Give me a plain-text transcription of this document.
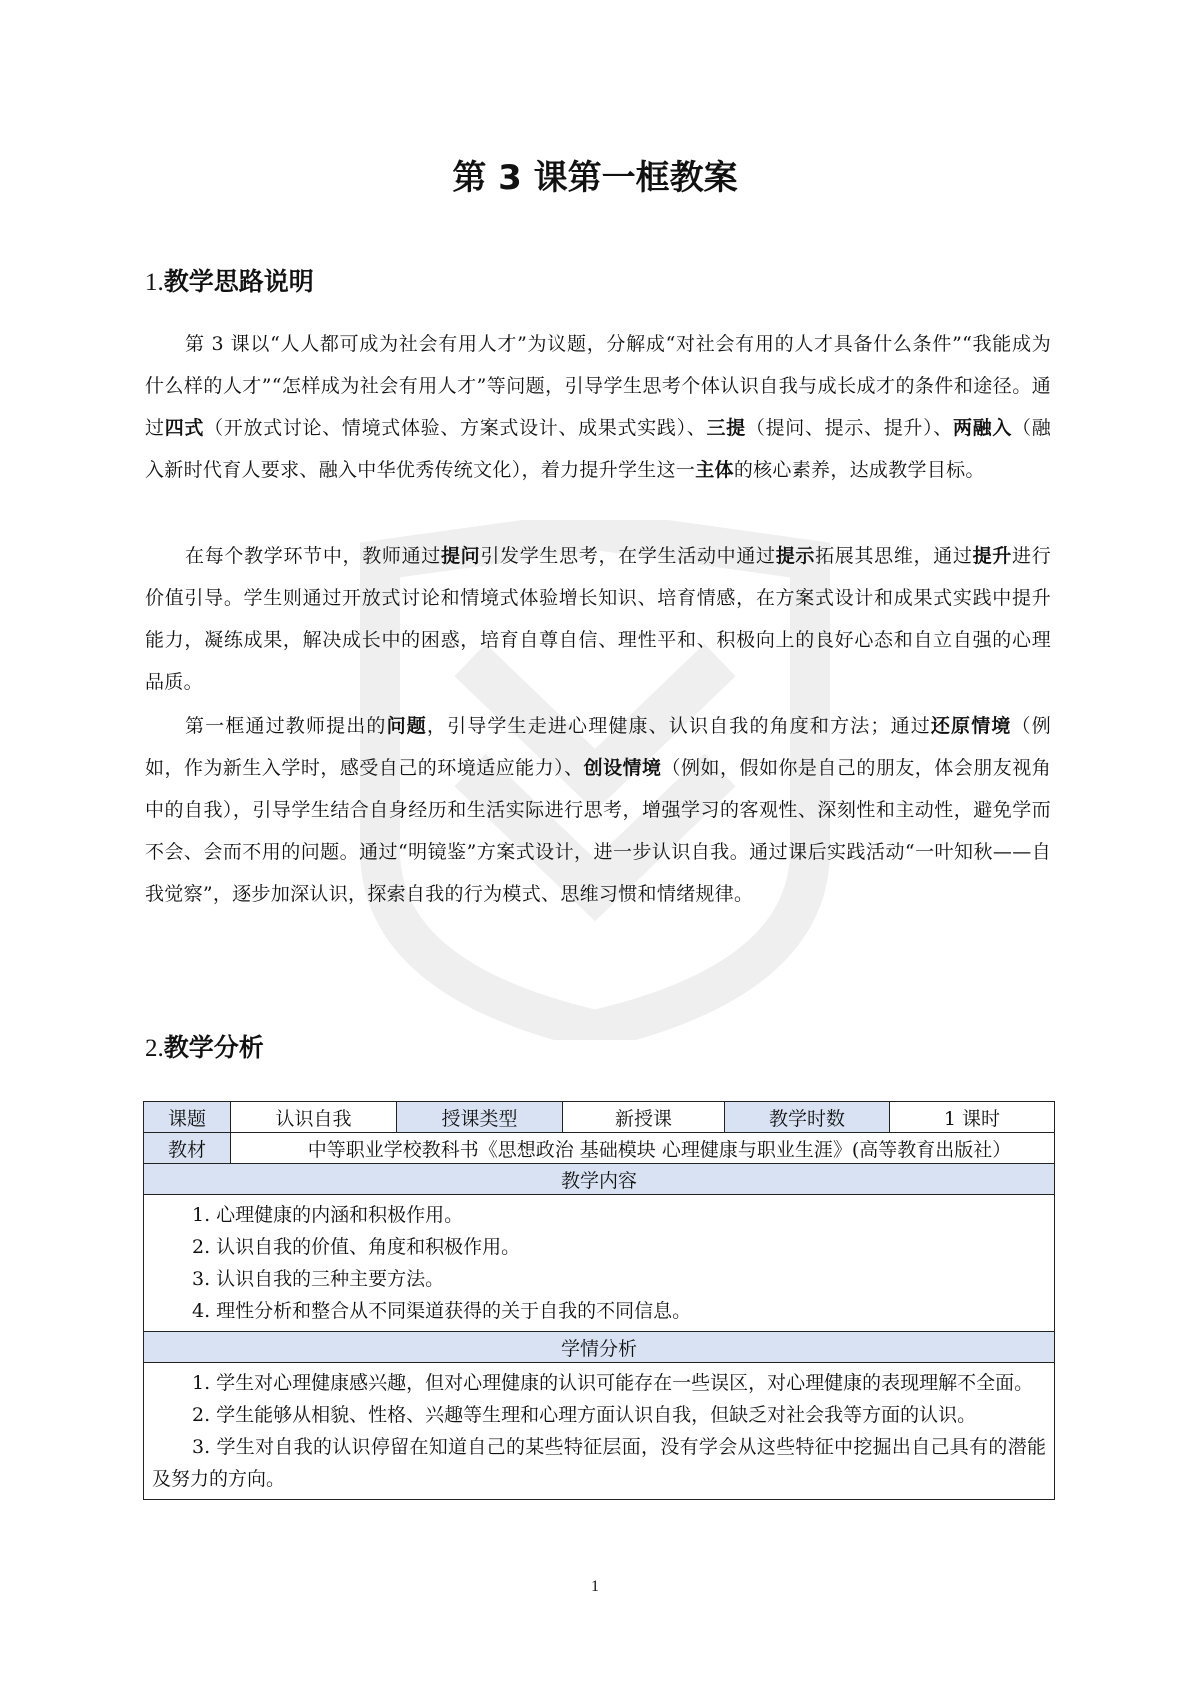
第 3 课第一框教案
1.教学思路说明
第 3 课以“人人都可成为社会有用人才”为议题，分解成“对社会有用的人才具备什么条件”“我能成为什么样的人才”“怎样成为社会有用人才”等问题，引导学生思考个体认识自我与成长成才的条件和途径。通过四式（开放式讨论、情境式体验、方案式设计、成果式实践）、三提（提问、提示、提升）、两融入（融入新时代育人要求、融入中华优秀传统文化），着力提升学生这一主体的核心素养，达成教学目标。
在每个教学环节中，教师通过提问引发学生思考，在学生活动中通过提示拓展其思维，通过提升进行价值引导。学生则通过开放式讨论和情境式体验增长知识、培育情感，在方案式设计和成果式实践中提升能力，凝练成果，解决成长中的困惑，培育自尊自信、理性平和、积极向上的良好心态和自立自强的心理品质。
第一框通过教师提出的问题，引导学生走进心理健康、认识自我的角度和方法；通过还原情境（例如，作为新生入学时，感受自己的环境适应能力）、创设情境（例如，假如你是自己的朋友，体会朋友视角中的自我），引导学生结合自身经历和生活实际进行思考，增强学习的客观性、深刻性和主动性，避免学而不会、会而不用的问题。通过“明镜鉴”方案式设计，进一步认识自我。通过课后实践活动“一叶知秋——自我觉察”，逐步加深认识，探索自我的行为模式、思维习惯和情绪规律。
2.教学分析
课题	认识自我	授课类型	新授课	教学时数	1 课时
教材	中等职业学校教科书《思想政治 基础模块 心理健康与职业生涯》(高等教育出版社）				
教学内容					

1. 心理健康的内涵和积极作用。
2. 认识自我的价值、角度和积极作用。
3. 认识自我的三种主要方法。
4. 理性分析和整合从不同渠道获得的关于自我的不同信息。					

学情分析					

1. 学生对心理健康感兴趣，但对心理健康的认识可能存在一些误区，对心理健康的表现理解不全面。
2. 学生能够从相貌、性格、兴趣等生理和心理方面认识自我，但缺乏对社会我等方面的认识。
3. 学生对自我的认识停留在知道自己的某些特征层面，没有学会从这些特征中挖掘出自己具有的潜能及努力的方向。					
1
